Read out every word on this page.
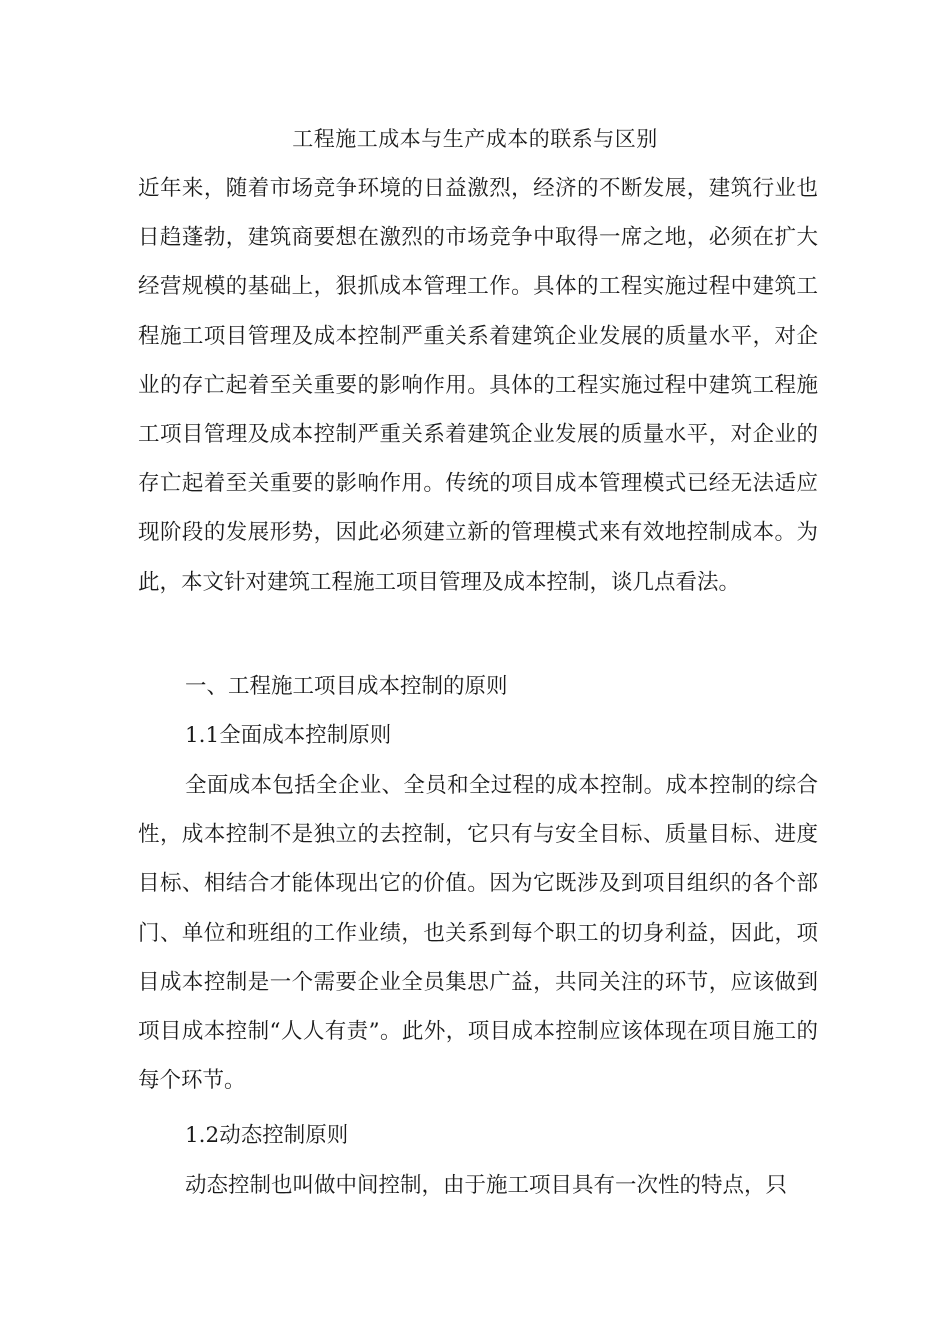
工程施工成本与生产成本的联系与区别

近年来，随着市场竞争环境的日益激烈，经济的不断发展，建筑行业也日趋蓬勃，建筑商要想在激烈的市场竞争中取得一席之地，必须在扩大经营规模的基础上，狠抓成本管理工作。具体的工程实施过程中建筑工程施工项目管理及成本控制严重关系着建筑企业发展的质量水平，对企业的存亡起着至关重要的影响作用。具体的工程实施过程中建筑工程施工项目管理及成本控制严重关系着建筑企业发展的质量水平，对企业的存亡起着至关重要的影响作用。传统的项目成本管理模式已经无法适应现阶段的发展形势，因此必须建立新的管理模式来有效地控制成本。为此，本文针对建筑工程施工项目管理及成本控制，谈几点看法。

一、工程施工项目成本控制的原则

1.1全面成本控制原则

全面成本包括全企业、全员和全过程的成本控制。成本控制的综合性，成本控制不是独立的去控制，它只有与安全目标、质量目标、进度目标、相结合才能体现出它的价值。因为它既涉及到项目组织的各个部门、单位和班组的工作业绩，也关系到每个职工的切身利益，因此，项目成本控制是一个需要企业全员集思广益，共同关注的环节，应该做到项目成本控制“人人有责”。此外，项目成本控制应该体现在项目施工的每个环节。

1.2动态控制原则

动态控制也叫做中间控制，由于施工项目具有一次性的特点，只
